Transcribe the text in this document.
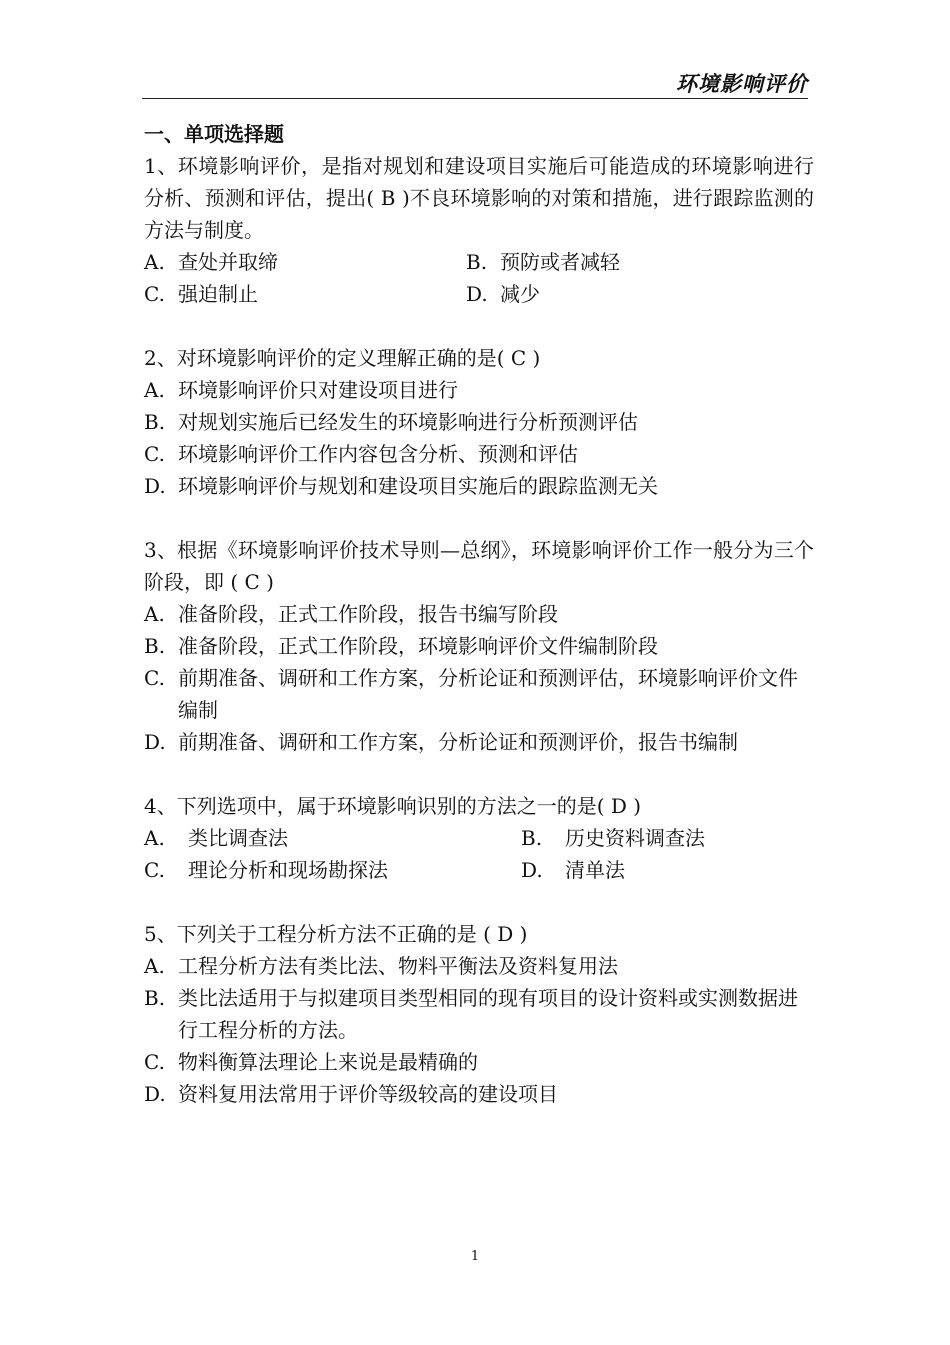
环境影响评价
一、单项选择题
1、环境影响评价，是指对规划和建设项目实施后可能造成的环境影响进行分析、预测和评估，提出( B )不良环境影响的对策和措施，进行跟踪监测的方法与制度。
A. 查处并取缔	B. 预防或者减轻
C. 强迫制止	D. 减少
2、对环境影响评价的定义理解正确的是( C )
A. 环境影响评价只对建设项目进行
B. 对规划实施后已经发生的环境影响进行分析预测评估
C. 环境影响评价工作内容包含分析、预测和评估
D. 环境影响评价与规划和建设项目实施后的跟踪监测无关
3、根据《环境影响评价技术导则—总纲》，环境影响评价工作一般分为三个阶段，即 ( C )
A. 准备阶段，正式工作阶段，报告书编写阶段
B. 准备阶段，正式工作阶段，环境影响评价文件编制阶段
C. 前期准备、调研和工作方案，分析论证和预测评估，环境影响评价文件编制
D. 前期准备、调研和工作方案，分析论证和预测评价，报告书编制
4、下列选项中，属于环境影响识别的方法之一的是( D )
A.	类比调查法	B.	历史资料调查法
C.	理论分析和现场勘探法	D.	清单法
5、下列关于工程分析方法不正确的是 ( D )
A. 工程分析方法有类比法、物料平衡法及资料复用法
B. 类比法适用于与拟建项目类型相同的现有项目的设计资料或实测数据进行工程分析的方法。
C. 物料衡算法理论上来说是最精确的
D. 资料复用法常用于评价等级较高的建设项目
1
